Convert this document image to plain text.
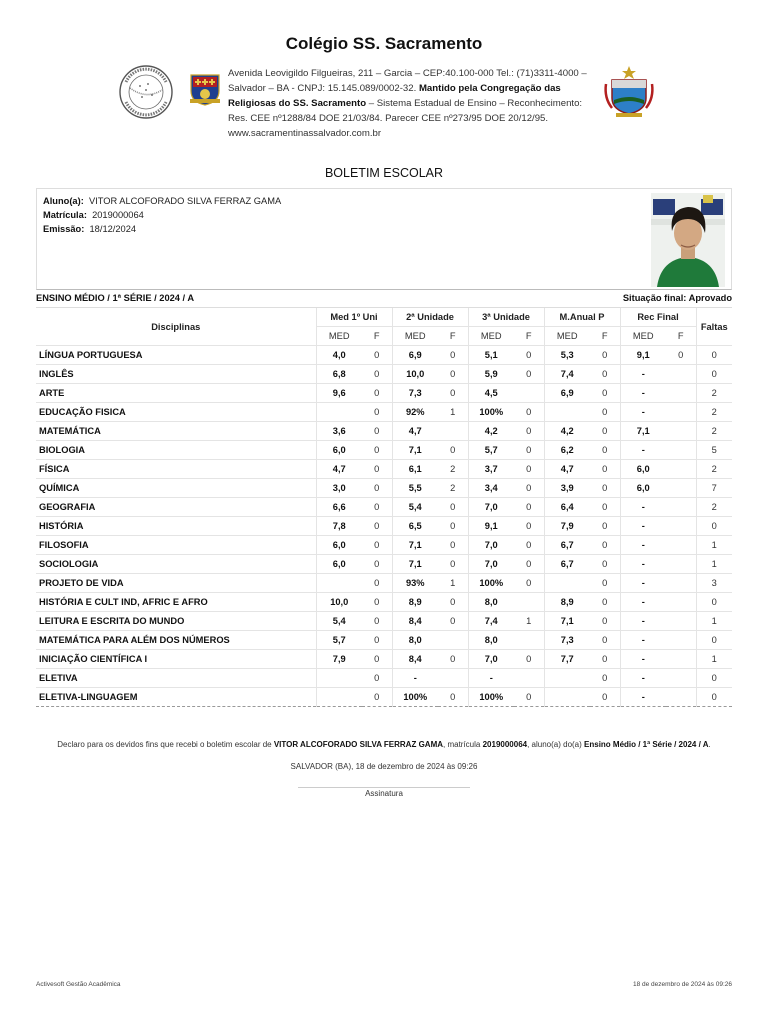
Colégio SS. Sacramento
Avenida Leovigildo Filgueiras, 211 – Garcia – CEP:40.100-000 Tel.: (71)3311-4000 – Salvador – BA - CNPJ: 15.145.089/0002-32. Mantido pela Congregação das Religiosas do SS. Sacramento – Sistema Estadual de Ensino – Reconhecimento: Res. CEE nº1288/84 DOE 21/03/84. Parecer CEE nº273/95 DOE 20/12/95. www.sacramentinassalvador.com.br
BOLETIM ESCOLAR
Aluno(a): VITOR ALCOFORADO SILVA FERRAZ GAMA
Matrícula: 2019000064
Emissão: 18/12/2024
ENSINO MÉDIO / 1ª SÉRIE / 2024 / A	Situação final: Aprovado
Disciplinas	Med 1º Uni		2ª Unidade		3ª Unidade		M.Anual P		Rec Final		Faltas
	MED	F	MED	F	MED	F	MED	F	MED	F	
LÍNGUA PORTUGUESA	4,0	0	6,9	0	5,1	0	5,3	0	9,1	0	0
INGLÊS	6,8	0	10,0	0	5,9	0	7,4	0	-		0
ARTE	9,6	0	7,3	0	4,5		6,9	0	-		2
EDUCAÇÃO FISICA		0	92%	1	100%	0		0	-		2
MATEMÁTICA	3,6	0	4,7		4,2	0	4,2	0	7,1		2
BIOLOGIA	6,0	0	7,1	0	5,7	0	6,2	0	-		5
FÍSICA	4,7	0	6,1	2	3,7	0	4,7	0	6,0		2
QUÍMICA	3,0	0	5,5	2	3,4	0	3,9	0	6,0		7
GEOGRAFIA	6,6	0	5,4	0	7,0	0	6,4	0	-		2
HISTÓRIA	7,8	0	6,5	0	9,1	0	7,9	0	-		0
FILOSOFIA	6,0	0	7,1	0	7,0	0	6,7	0	-		1
SOCIOLOGIA	6,0	0	7,1	0	7,0	0	6,7	0	-		1
PROJETO DE VIDA		0	93%	1	100%	0		0	-		3
HISTÓRIA E CULT IND, AFRIC E AFRO	10,0	0	8,9	0	8,0		8,9	0	-		0
LEITURA E ESCRITA DO MUNDO	5,4	0	8,4	0	7,4	1	7,1	0	-		1
MATEMÁTICA PARA ALÉM DOS NÚMEROS	5,7	0	8,0		8,0		7,3	0	-		0
INICIAÇÃO CIENTÍFICA I	7,9	0	8,4	0	7,0	0	7,7	0	-		1
ELETIVA		0	-		-			0	-		0
ELETIVA-LINGUAGEM		0	100%	0	100%	0		0	-		0
Declaro para os devidos fins que recebi o boletim escolar de VITOR ALCOFORADO SILVA FERRAZ GAMA, matrícula 2019000064, aluno(a) do(a) Ensino Médio / 1ª Série / 2024 / A.
SALVADOR (BA), 18 de dezembro de 2024 às 09:26
Assinatura
Activesoft Gestão Acadêmica	18 de dezembro de 2024 às 09:26
